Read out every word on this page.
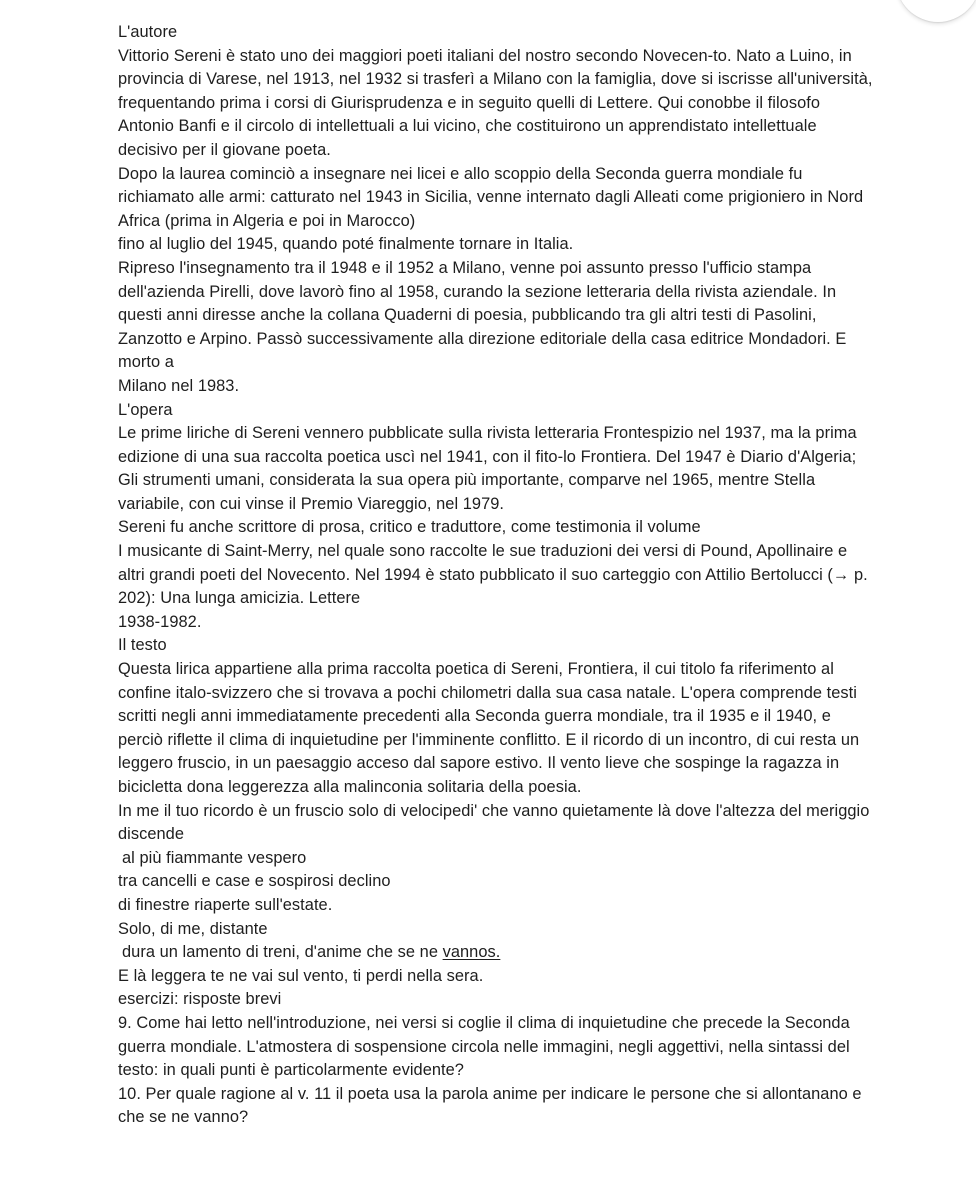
L'autore

Vittorio Sereni è stato uno dei maggiori poeti italiani del nostro secondo Novecen-to. Nato a Luino, in provincia di Varese, nel 1913, nel 1932 si trasferì a Milano con la famiglia, dove si iscrisse all'università, frequentando prima i corsi di Giurisprudenza e in seguito quelli di Lettere. Qui conobbe il filosofo Antonio Banfi e il circolo di intellettuali a lui vicino, che costituirono un apprendistato intellettuale decisivo per il giovane poeta.

Dopo la laurea cominciò a insegnare nei licei e allo scoppio della Seconda guerra mondiale fu richiamato alle armi: catturato nel 1943 in Sicilia, venne internato dagli Alleati come prigioniero in Nord Africa (prima in Algeria e poi in Marocco)

fino al luglio del 1945, quando poté finalmente tornare in Italia.

Ripreso l'insegnamento tra il 1948 e il 1952 a Milano, venne poi assunto presso l'ufficio stampa dell'azienda Pirelli, dove lavorò fino al 1958, curando la sezione letteraria della rivista aziendale. In questi anni diresse anche la collana Quaderni di poesia, pubblicando tra gli altri testi di Pasolini, Zanzotto e Arpino. Passò successivamente alla direzione editoriale della casa editrice Mondadori. E morto a

Milano nel 1983.

L'opera

Le prime liriche di Sereni vennero pubblicate sulla rivista letteraria Frontespizio nel 1937, ma la prima edizione di una sua raccolta poetica uscì nel 1941, con il fito-lo Frontiera. Del 1947 è Diario d'Algeria; Gli strumenti umani, considerata la sua opera più importante, comparve nel 1965, mentre Stella variabile, con cui vinse il Premio Viareggio, nel 1979.

Sereni fu anche scrittore di prosa, critico e traduttore, come testimonia il volume

I musicante di Saint-Merry, nel quale sono raccolte le sue traduzioni dei versi di Pound, Apollinaire e altri grandi poeti del Novecento. Nel 1994 è stato pubblicato il suo carteggio con Attilio Bertolucci (→ p. 202): Una lunga amicizia. Lettere

1938-1982.

Il testo

Questa lirica appartiene alla prima raccolta poetica di Sereni, Frontiera, il cui titolo fa riferimento al confine italo-svizzero che si trovava a pochi chilometri dalla sua casa natale. L'opera comprende testi scritti negli anni immediatamente precedenti alla Seconda guerra mondiale, tra il 1935 e il 1940, e perciò riflette il clima di inquietudine per l'imminente conflitto. E il ricordo di un incontro, di cui resta un leggero fruscio, in un paesaggio acceso dal sapore estivo. Il vento lieve che sospinge la ragazza in bicicletta dona leggerezza alla malinconia solitaria della poesia.

In me il tuo ricordo è un fruscio solo di velocipedi' che vanno quietamente là dove l'altezza del meriggio discende

al più fiammante vespero

tra cancelli e case e sospirosi declino

di finestre riaperte sull'estate.

Solo, di me, distante

dura un lamento di treni, d'anime che se ne vannos.

E là leggera te ne vai sul vento, ti perdi nella sera.

esercizi: risposte brevi

9. Come hai letto nell'introduzione, nei versi si coglie il clima di inquietudine che precede la Seconda guerra mondiale. L'atmostera di sospensione circola nelle immagini, negli aggettivi, nella sintassi del testo: in quali punti è particolarmente evidente?

10. Per quale ragione al v. 11 il poeta usa la parola anime per indicare le persone che si allontanano e che se ne vanno?
